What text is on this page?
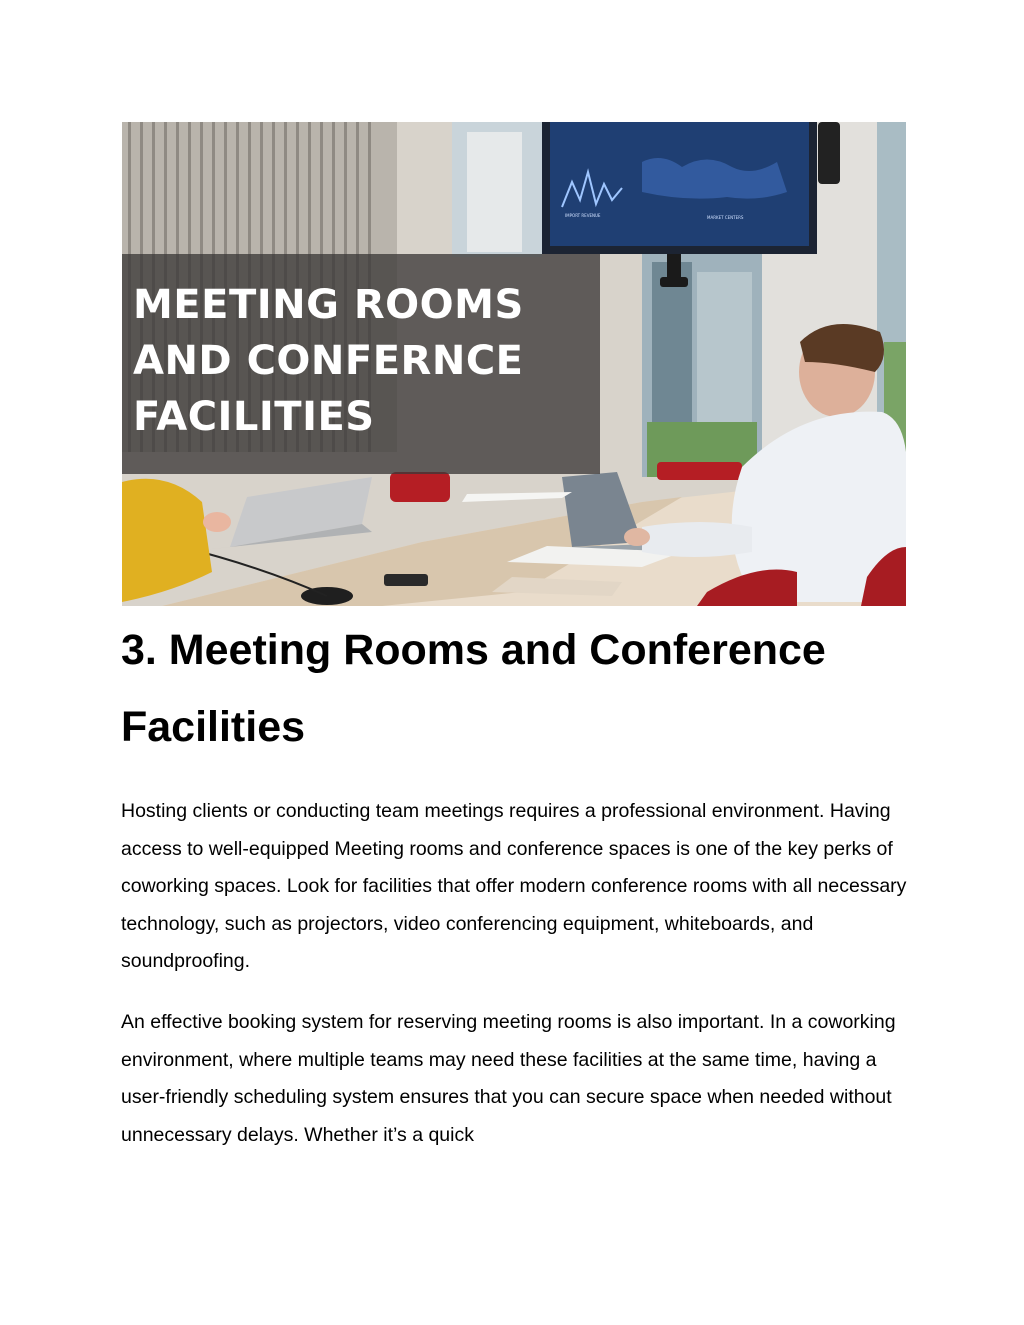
IMPORT REVENUE	MARKET CENTERS
MEETING ROOMS
AND CONFERNCE
FACILITIES
3. Meeting Rooms and Conference Facilities

Hosting clients or conducting team meetings requires a professional environment. Having access to well-equipped Meeting rooms and conference spaces is one of the key perks of coworking spaces. Look for facilities that offer modern conference rooms with all necessary technology, such as projectors, video conferencing equipment, whiteboards, and soundproofing.

An effective booking system for reserving meeting rooms is also important. In a coworking environment, where multiple teams may need these facilities at the same time, having a user-friendly scheduling system ensures that you can secure space when needed without unnecessary delays. Whether it’s a quick
